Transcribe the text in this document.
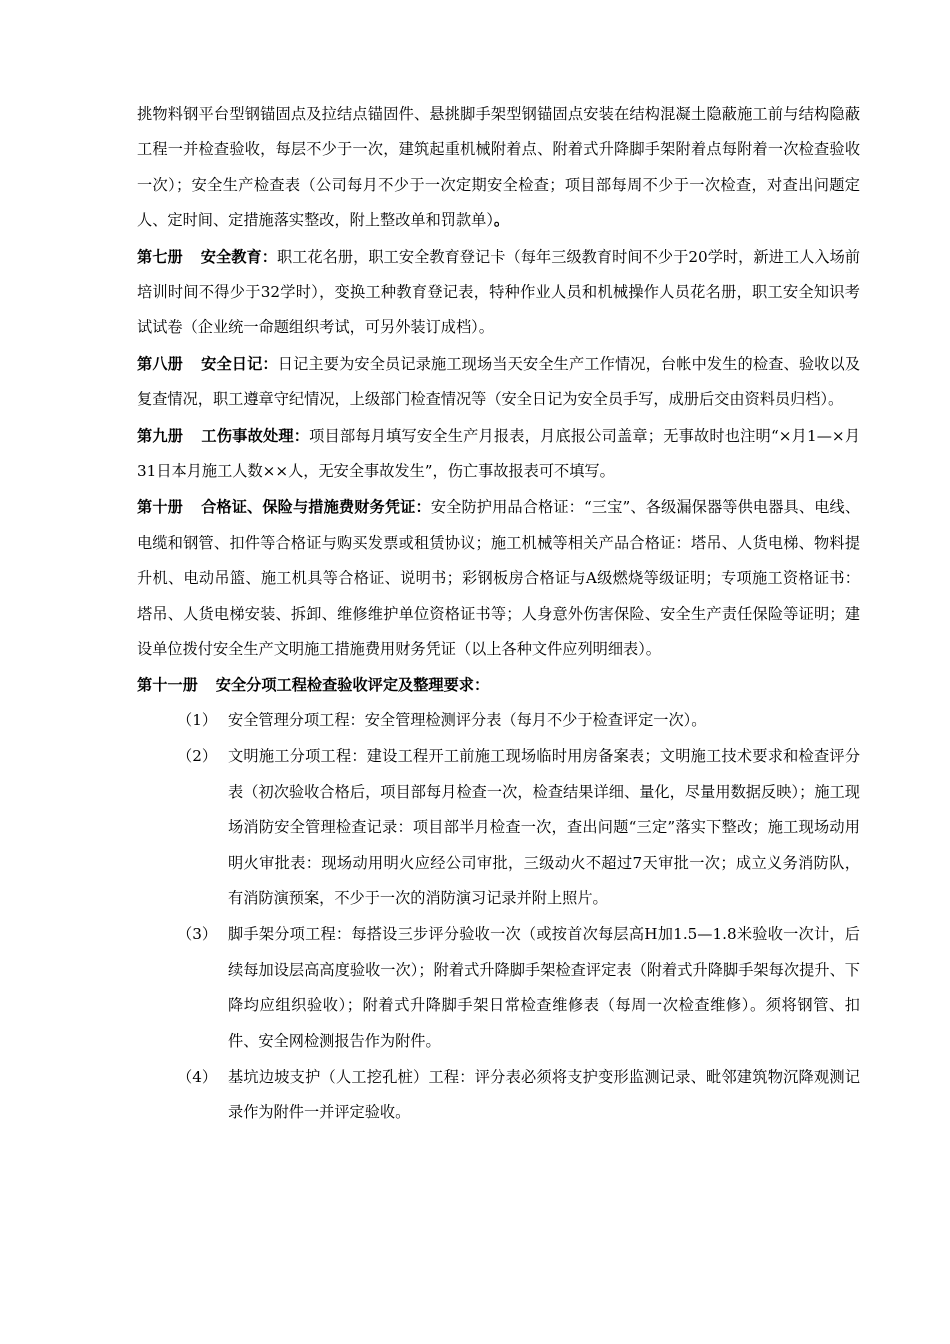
挑物料钢平台型钢锚固点及拉结点锚固件、悬挑脚手架型钢锚固点安装在结构混凝土隐蔽施工前与结构隐蔽工程一并检查验收，每层不少于一次，建筑起重机械附着点、附着式升降脚手架附着点每附着一次检查验收一次）；安全生产检查表（公司每月不少于一次定期安全检查；项目部每周不少于一次检查，对查出问题定人、定时间、定措施落实整改，附上整改单和罚款单）。

第七册 安全教育：职工花名册，职工安全教育登记卡（每年三级教育时间不少于20学时，新进工人入场前培训时间不得少于32学时），变换工种教育登记表，特种作业人员和机械操作人员花名册，职工安全知识考试试卷（企业统一命题组织考试，可另外装订成档）。

第八册 安全日记：日记主要为安全员记录施工现场当天安全生产工作情况，台帐中发生的检查、验收以及复查情况，职工遵章守纪情况，上级部门检查情况等（安全日记为安全员手写，成册后交由资料员归档）。

第九册 工伤事故处理：项目部每月填写安全生产月报表，月底报公司盖章；无事故时也注明“×月1—×月31日本月施工人数××人，无安全事故发生”，伤亡事故报表可不填写。

第十册 合格证、保险与措施费财务凭证：安全防护用品合格证：“三宝”、各级漏保器等供电器具、电线、电缆和钢管、扣件等合格证与购买发票或租赁协议；施工机械等相关产品合格证：塔吊、人货电梯、物料提升机、电动吊篮、施工机具等合格证、说明书；彩钢板房合格证与A级燃烧等级证明；专项施工资格证书：塔吊、人货电梯安装、拆卸、维修维护单位资格证书等；人身意外伤害保险、安全生产责任保险等证明；建设单位拨付安全生产文明施工措施费用财务凭证（以上各种文件应列明细表）。

第十一册 安全分项工程检查验收评定及整理要求：

（1） 安全管理分项工程：安全管理检测评分表（每月不少于检查评定一次）。
（2） 文明施工分项工程：建设工程开工前施工现场临时用房备案表；文明施工技术要求和检查评分表（初次验收合格后，项目部每月检查一次，检查结果详细、量化，尽量用数据反映）；施工现场消防安全管理检查记录：项目部半月检查一次，查出问题“三定”落实下整改；施工现场动用明火审批表：现场动用明火应经公司审批，三级动火不超过7天审批一次；成立义务消防队，有消防演预案，不少于一次的消防演习记录并附上照片。
（3） 脚手架分项工程：每搭设三步评分验收一次（或按首次每层高H加1.5—1.8米验收一次计，后续每加设层高高度验收一次）；附着式升降脚手架检查评定表（附着式升降脚手架每次提升、下降均应组织验收）；附着式升降脚手架日常检查维修表（每周一次检查维修）。须将钢管、扣件、安全网检测报告作为附件。
（4） 基坑边坡支护（人工挖孔桩）工程：评分表必须将支护变形监测记录、毗邻建筑物沉降观测记录作为附件一并评定验收。
